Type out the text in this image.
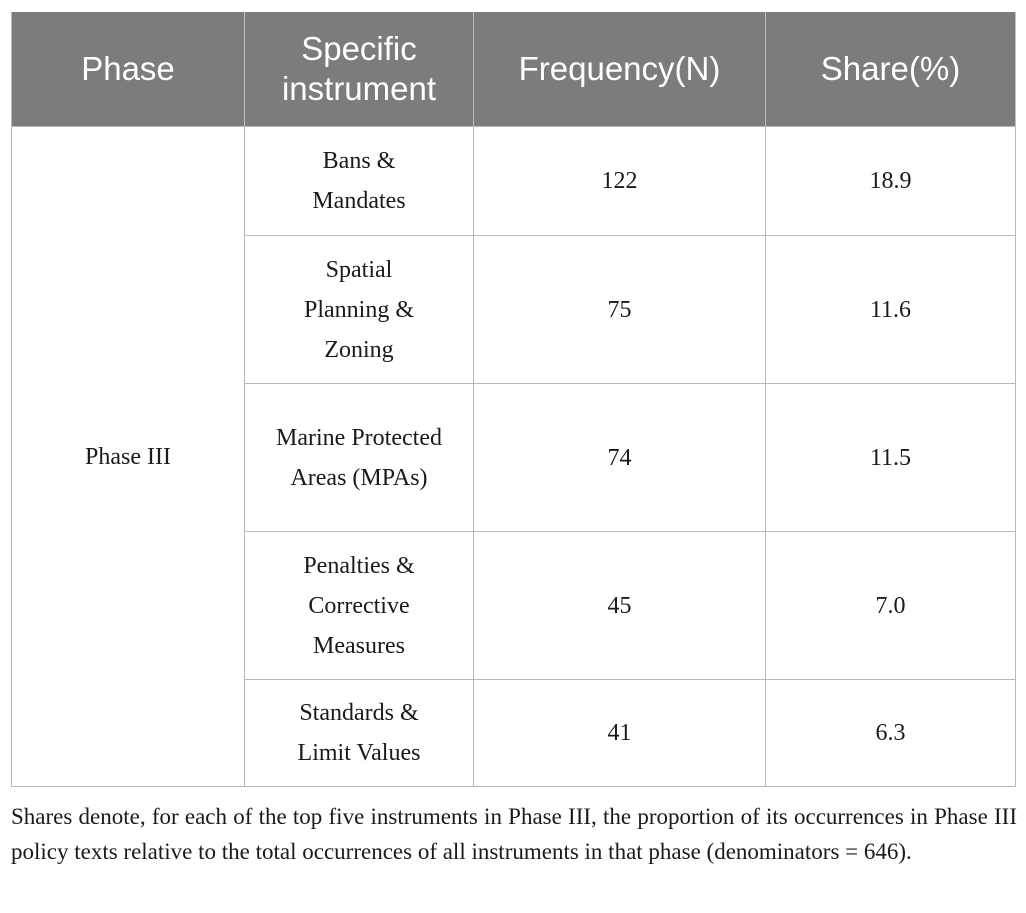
Phase	Specific instrument	Frequency(N)	Share(%)
Phase III	Bans & Mandates	122	18.9
	Spatial Planning & Zoning	75	11.6
	Marine Protected Areas (MPAs)	74	11.5
	Penalties & Corrective Measures	45	7.0
	Standards & Limit Values	41	6.3

Shares denote, for each of the top five instruments in Phase III, the proportion of its occurrences in Phase III policy texts relative to the total occurrences of all instruments in that phase (denominators = 646).
